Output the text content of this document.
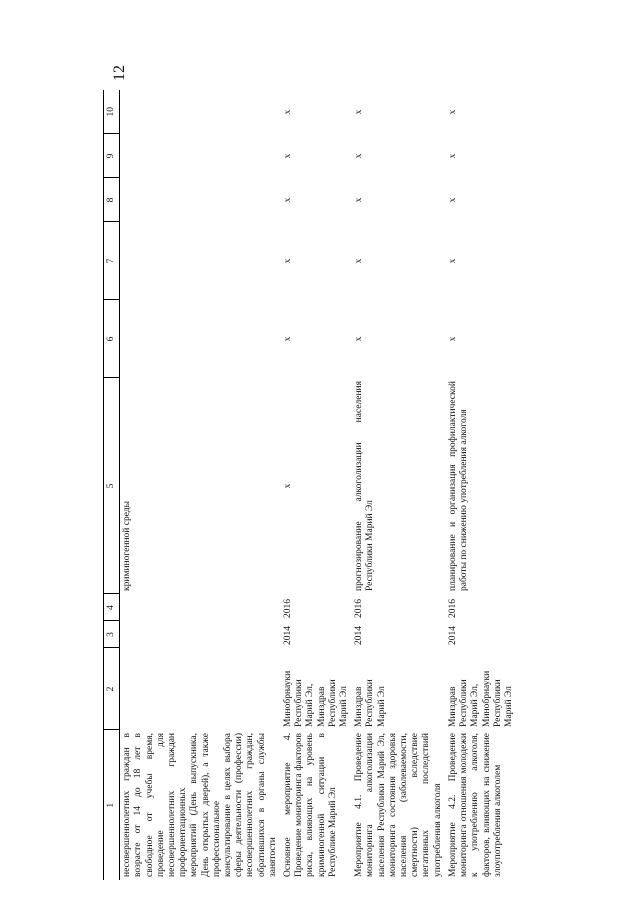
12
1	2	3	4	5	6	7	8	9	10
несовершеннолетних граждан в возрасте от 14 до 18 лет в свободное от учебы время, проведение для несовершеннолетних граждан профориентационных мероприятий (День выпускника, День открытых дверей), а также профессиональное консультирование в целях выбора сферы деятельности (профессии) несовершеннолетних граждан, обратившихся в органы службы занятости				криминогенной среды					
Основное мероприятие 4. Проведение мониторинга факторов риска, влияющих на уровень криминогенной ситуации в Республике Марий Эл	Минобрнауки Республики Марий Эл, Минздрав Республики Марий Эл	2014	2016	х	х	х	х	х	х
Мероприятие 4.1. Проведение мониторинга алкоголизации населения Республики Марий Эл, мониторинга состояния здоровья населения (заболеваемости, смертности) вследствие негативных последствий употребления алкоголя	Минздрав Республики Марий Эл	2014	2016	прогнозирование алкоголизации населения Республики Марий Эл	х	х	х	х	х
Мероприятие 4.2. Проведение мониторинга отношения молодежи к употреблению алкоголя, факторов, влияющих на снижение злоупотребления алкоголем	Минздрав Республики Марий Эл, Минобрнауки Республики Марий Эл	2014	2016	планирование и организация профилактической работы по снижению употребления алкоголя	х	х	х	х	х
